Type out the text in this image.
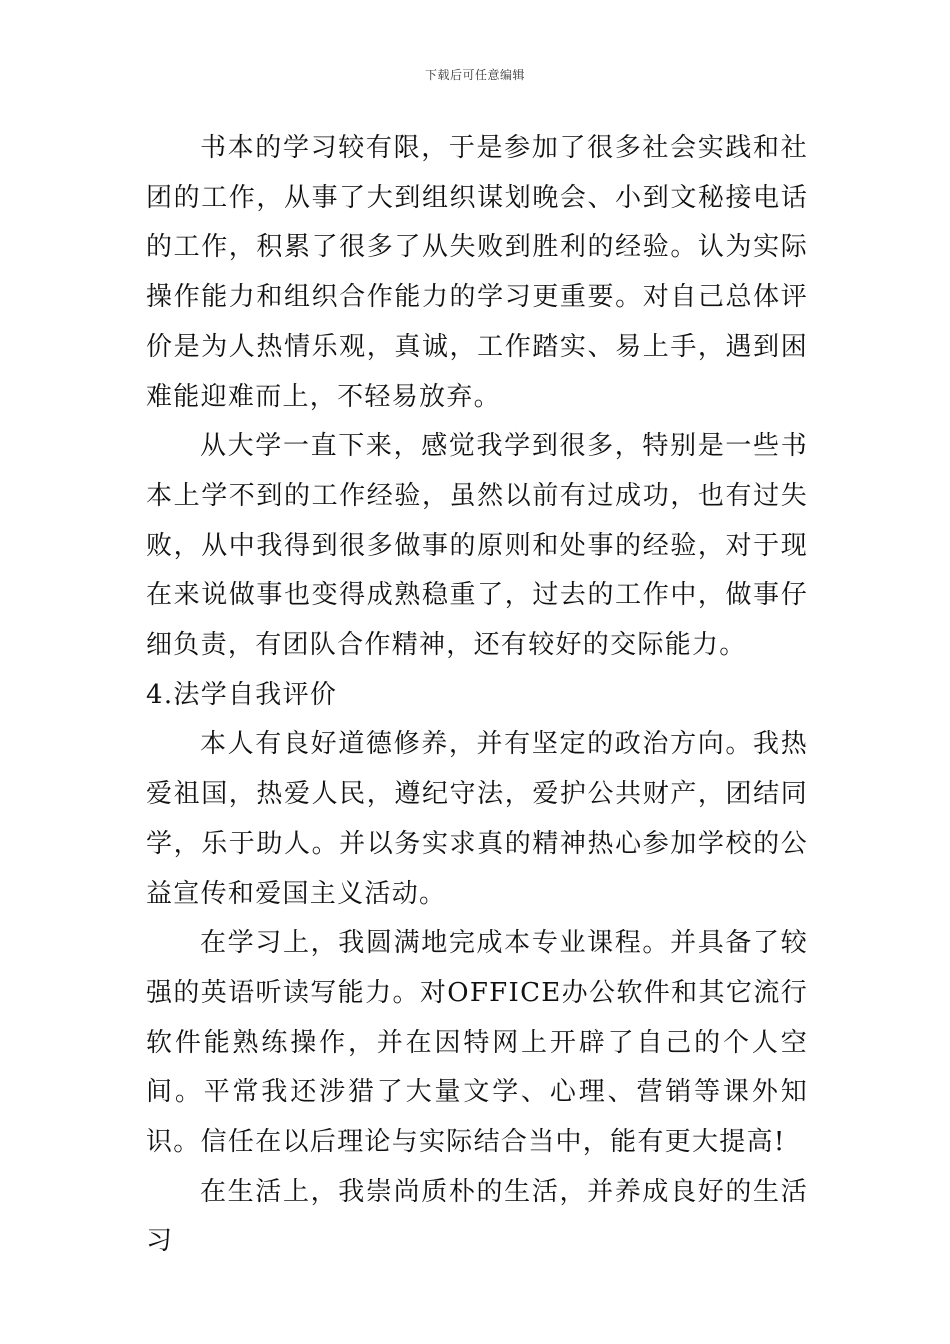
下载后可任意编辑

书本的学习较有限，于是参加了很多社会实践和社团的工作，从事了大到组织谋划晚会、小到文秘接电话的工作，积累了很多了从失败到胜利的经验。认为实际操作能力和组织合作能力的学习更重要。对自己总体评价是为人热情乐观，真诚，工作踏实、易上手，遇到困难能迎难而上，不轻易放弃。

从大学一直下来，感觉我学到很多，特别是一些书本上学不到的工作经验，虽然以前有过成功，也有过失败，从中我得到很多做事的原则和处事的经验，对于现在来说做事也变得成熟稳重了，过去的工作中，做事仔细负责，有团队合作精神，还有较好的交际能力。

4.法学自我评价

本人有良好道德修养，并有坚定的政治方向。我热爱祖国，热爱人民，遵纪守法，爱护公共财产，团结同学，乐于助人。并以务实求真的精神热心参加学校的公益宣传和爱国主义活动。

在学习上，我圆满地完成本专业课程。并具备了较强的英语听读写能力。对OFFICE办公软件和其它流行软件能熟练操作，并在因特网上开辟了自己的个人空间。平常我还涉猎了大量文学、心理、营销等课外知识。信任在以后理论与实际结合当中，能有更大提高!

在生活上，我崇尚质朴的生活，并养成良好的生活习
